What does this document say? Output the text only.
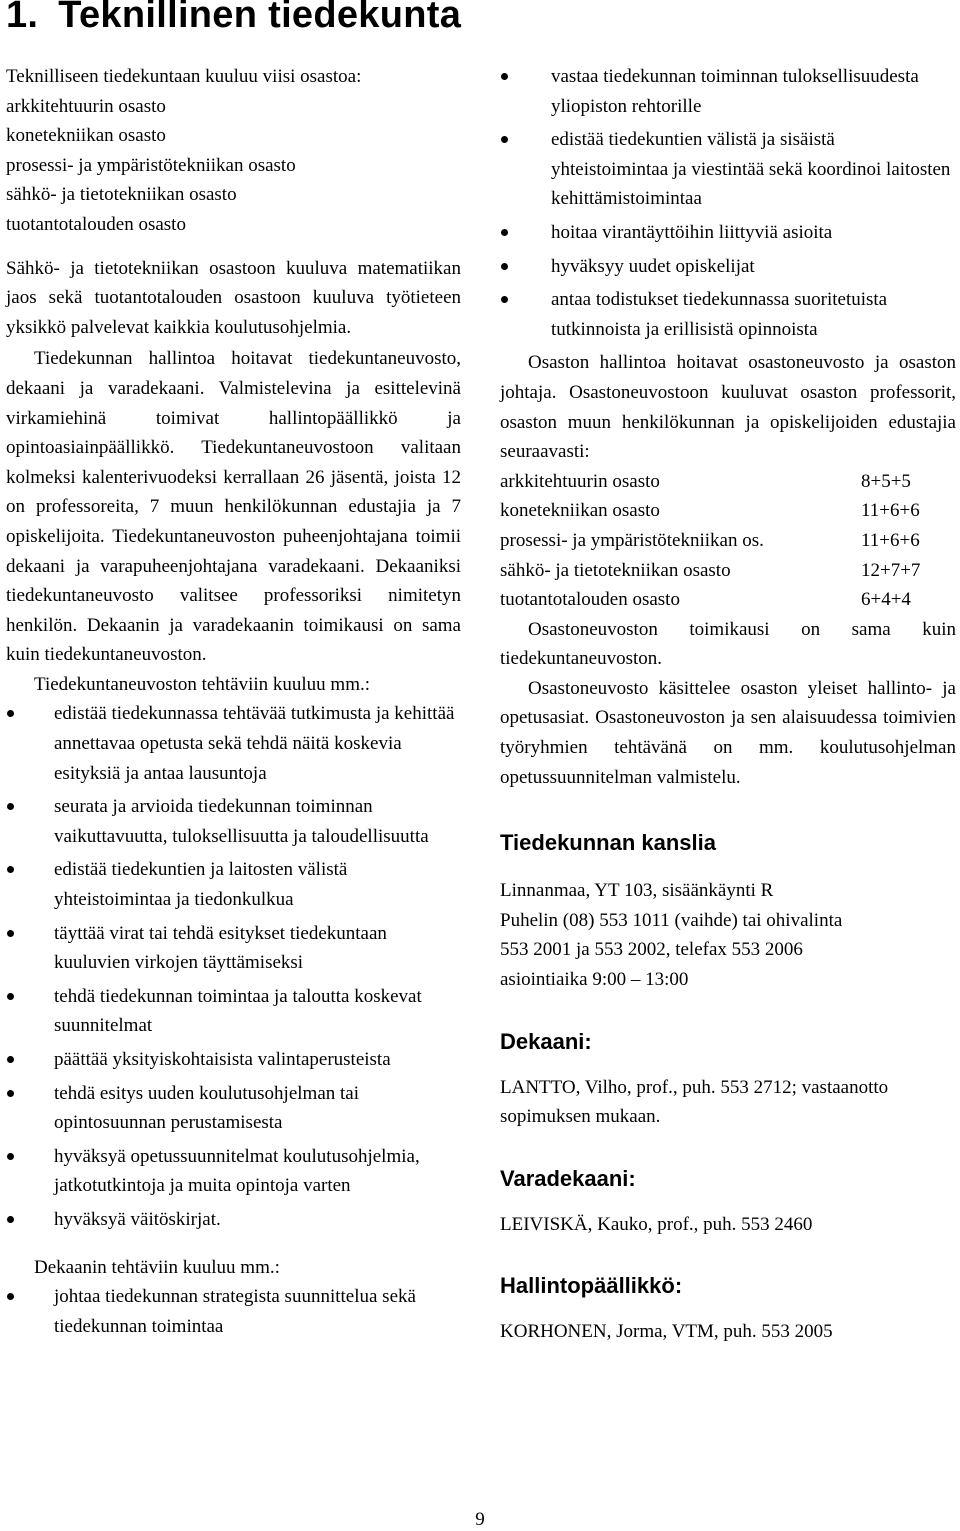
1. Teknillinen tiedekunta

Teknilliseen tiedekuntaan kuuluu viisi osastoa:

arkkitehtuurin osasto

konetekniikan osasto

prosessi- ja ympäristötekniikan osasto

sähkö- ja tietotekniikan osasto

tuotantotalouden osasto

Sähkö- ja tietotekniikan osastoon kuuluva matematiikan jaos sekä tuotantotalouden osastoon kuuluva työtieteen yksikkö palvelevat kaikkia koulutusohjelmia.

Tiedekunnan hallintoa hoitavat tiedekuntaneuvosto, dekaani ja varadekaani. Valmistelevina ja esittelevinä virkamiehinä toimivat hallintopäällikkö ja opintoasiainpäällikkö. Tiedekuntaneuvostoon valitaan kolmeksi kalenterivuodeksi kerrallaan 26 jäsentä, joista 12 on professoreita, 7 muun henkilökunnan edustajia ja 7 opiskelijoita. Tiedekuntaneuvoston puheenjohtajana toimii dekaani ja varapuheenjohtajana varadekaani. Dekaaniksi tiedekuntaneuvosto valitsee professoriksi nimitetyn henkilön. Dekaanin ja varadekaanin toimikausi on sama kuin tiedekuntaneuvoston.

Tiedekuntaneuvoston tehtäviin kuuluu mm.:

edistää tiedekunnassa tehtävää tutkimusta ja kehittää annettavaa opetusta sekä tehdä näitä koskevia esityksiä ja antaa lausuntoja
seurata ja arvioida tiedekunnan toiminnan vaikuttavuutta, tuloksellisuutta ja taloudellisuutta
edistää tiedekuntien ja laitosten välistä yhteistoimintaa ja tiedonkulkua
täyttää virat tai tehdä esitykset tiedekuntaan kuuluvien virkojen täyttämiseksi
tehdä tiedekunnan toimintaa ja taloutta koskevat suunnitelmat
päättää yksityiskohtaisista valintaperusteista
tehdä esitys uuden koulutusohjelman tai opintosuunnan perustamisesta
hyväksyä opetussuunnitelmat koulutusohjelmia, jatkotutkintoja ja muita opintoja varten
hyväksyä väitöskirjat.

Dekaanin tehtäviin kuuluu mm.:

johtaa tiedekunnan strategista suunnittelua sekä tiedekunnan toimintaa
vastaa tiedekunnan toiminnan tuloksellisuudesta yliopiston rehtorille
edistää tiedekuntien välistä ja sisäistä yhteistoimintaa ja viestintää sekä koordinoi laitosten kehittämistoimintaa
hoitaa virantäyttöihin liittyviä asioita
hyväksyy uudet opiskelijat
antaa todistukset tiedekunnassa suoritetuista tutkinnoista ja erillisistä opinnoista

Osaston hallintoa hoitavat osastoneuvosto ja osaston johtaja. Osastoneuvostoon kuuluvat osaston professorit, osaston muun henkilökunnan ja opiskelijoiden edustajia seuraavasti:

arkkitehtuurin osasto	8+5+5
konetekniikan osasto	11+6+6
prosessi- ja ympäristötekniikan os.	11+6+6
sähkö- ja tietotekniikan osasto	12+7+7
tuotantotalouden osasto	6+4+4

Osastoneuvoston toimikausi on sama kuin tiedekuntaneuvoston.

Osastoneuvosto käsittelee osaston yleiset hallinto- ja opetusasiat. Osastoneuvoston ja sen alaisuudessa toimivien työryhmien tehtävänä on mm. koulutusohjelman opetussuunnitelman valmistelu.

Tiedekunnan kanslia

Linnanmaa, YT 103, sisäänkäynti R

Puhelin (08) 553 1011 (vaihde) tai ohivalinta

553 2001 ja 553 2002, telefax 553 2006

asiointiaika 9:00 – 13:00

Dekaani:

LANTTO, Vilho, prof., puh. 553 2712; vastaanotto sopimuksen mukaan.

Varadekaani:

LEIVISKÄ, Kauko, prof., puh. 553 2460

Hallintopäällikkö:

KORHONEN, Jorma, VTM, puh. 553 2005

9
